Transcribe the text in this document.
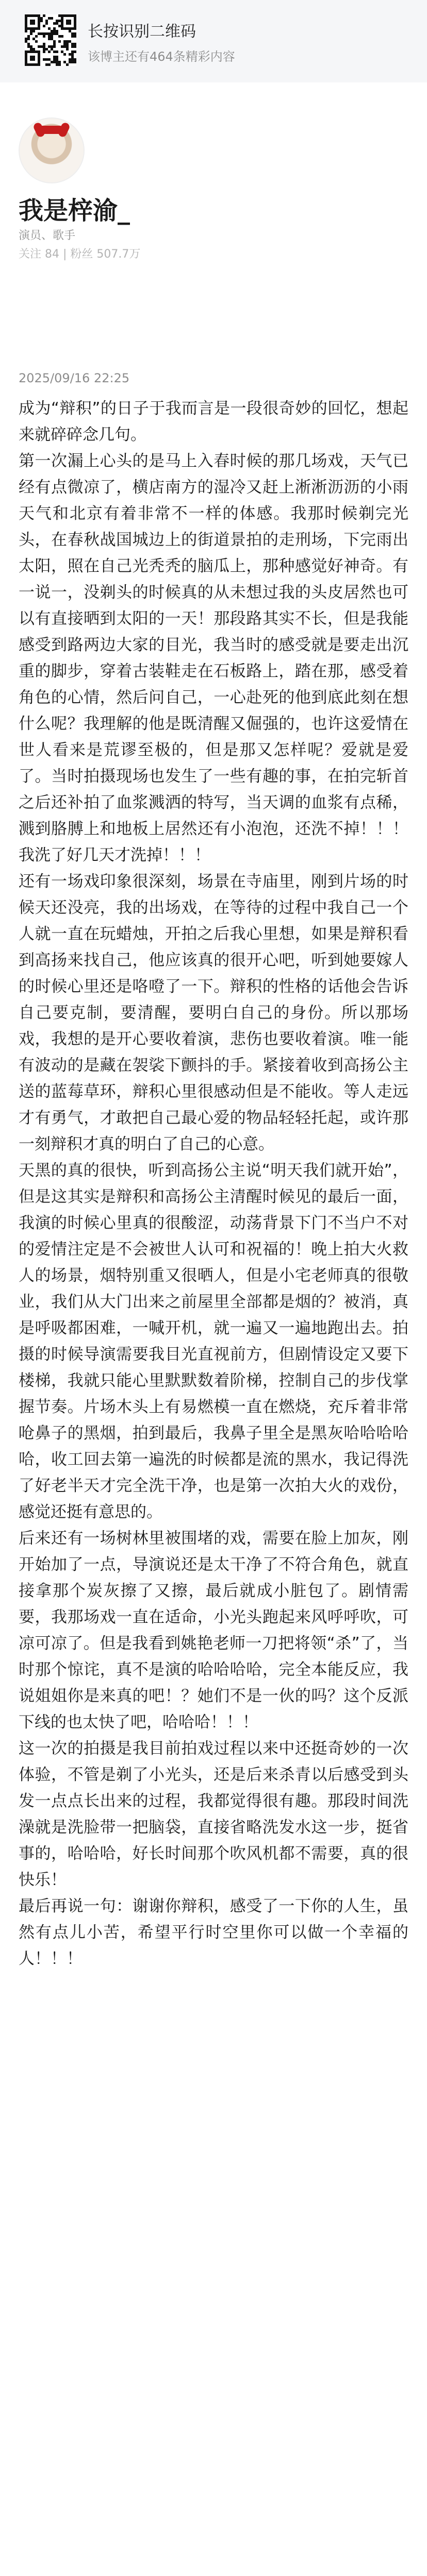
长按识别二维码
该博主还有464条精彩内容
我是梓渝_
演员、歌手
关注 84 | 粉丝 507.7万
2025/09/16 22:25

成为“辩积”的日子于我而言是一段很奇妙的回忆，想起来就碎碎念几句。

第一次漏上心头的是马上入春时候的那几场戏，天气已经有点微凉了，横店南方的湿冷又赶上淅淅沥沥的小雨天气和北京有着非常不一样的体感。我那时候剃完光头，在春秋战国城边上的街道景拍的走刑场，下完雨出太阳，照在自己光秃秃的脑瓜上，那种感觉好神奇。有一说一，没剃头的时候真的从未想过我的头皮居然也可以有直接晒到太阳的一天！那段路其实不长，但是我能感受到路两边大家的目光，我当时的感受就是要走出沉重的脚步，穿着古装鞋走在石板路上，踏在那，感受着角色的心情，然后问自己，一心赴死的他到底此刻在想什么呢？我理解的他是既清醒又倔强的，也许这爱情在世人看来是荒谬至极的，但是那又怎样呢？爱就是爱了。当时拍摄现场也发生了一些有趣的事，在拍完斩首之后还补拍了血浆溅洒的特写，当天调的血浆有点稀，溅到胳膊上和地板上居然还有小泡泡，还洗不掉！！！我洗了好几天才洗掉！！！

还有一场戏印象很深刻，场景在寺庙里，刚到片场的时候天还没亮，我的出场戏，在等待的过程中我自己一个人就一直在玩蜡烛，开拍之后我心里想，如果是辩积看到高扬来找自己，他应该真的很开心吧，听到她要嫁人的时候心里还是咯噔了一下。辩积的性格的话他会告诉自己要克制，要清醒，要明白自己的身份。所以那场戏，我想的是开心要收着演，悲伤也要收着演。唯一能有波动的是藏在袈裟下颤抖的手。紧接着收到高扬公主送的蓝莓草环，辩积心里很感动但是不能收。等人走远才有勇气，才敢把自己最心爱的物品轻轻托起，或许那一刻辩积才真的明白了自己的心意。

天黑的真的很快，听到高扬公主说“明天我们就开始”，但是这其实是辩积和高扬公主清醒时候见的最后一面，我演的时候心里真的很酸涩，动荡背景下门不当户不对的爱情注定是不会被世人认可和祝福的！晚上拍大火救人的场景，烟特别重又很晒人，但是小宅老师真的很敬业，我们从大门出来之前屋里全部都是烟的？被消，真是呼吸都困难，一喊开机，就一遍又一遍地跑出去。拍摄的时候导演需要我目光直视前方，但剧情设定又要下楼梯，我就只能心里默默数着阶梯，控制自己的步伐掌握节奏。片场木头上有易燃模一直在燃烧，充斥着非常呛鼻子的黑烟，拍到最后，我鼻子里全是黑灰哈哈哈哈哈，收工回去第一遍洗的时候都是流的黑水，我记得洗了好老半天才完全洗干净，也是第一次拍大火的戏份，感觉还挺有意思的。

后来还有一场树林里被围堵的戏，需要在脸上加灰，刚开始加了一点，导演说还是太干净了不符合角色，就直接拿那个炭灰擦了又擦，最后就成小脏包了。剧情需要，我那场戏一直在适命，小光头跑起来风呼呼吹，可凉可凉了。但是我看到姚艳老师一刀把将领“杀”了，当时那个惊诧，真不是演的哈哈哈哈，完全本能反应，我说姐姐你是来真的吧！？她们不是一伙的吗？这个反派下线的也太快了吧，哈哈哈！！！

这一次的拍摄是我目前拍戏过程以来中还挺奇妙的一次体验，不管是剃了小光头，还是后来杀青以后感受到头发一点点长出来的过程，我都觉得很有趣。那段时间洗澡就是洗脸带一把脑袋，直接省略洗发水这一步，挺省事的，哈哈哈，好长时间那个吹风机都不需要，真的很快乐！

最后再说一句：谢谢你辩积，感受了一下你的人生，虽然有点儿小苦，希望平行时空里你可以做一个幸福的人！！！
